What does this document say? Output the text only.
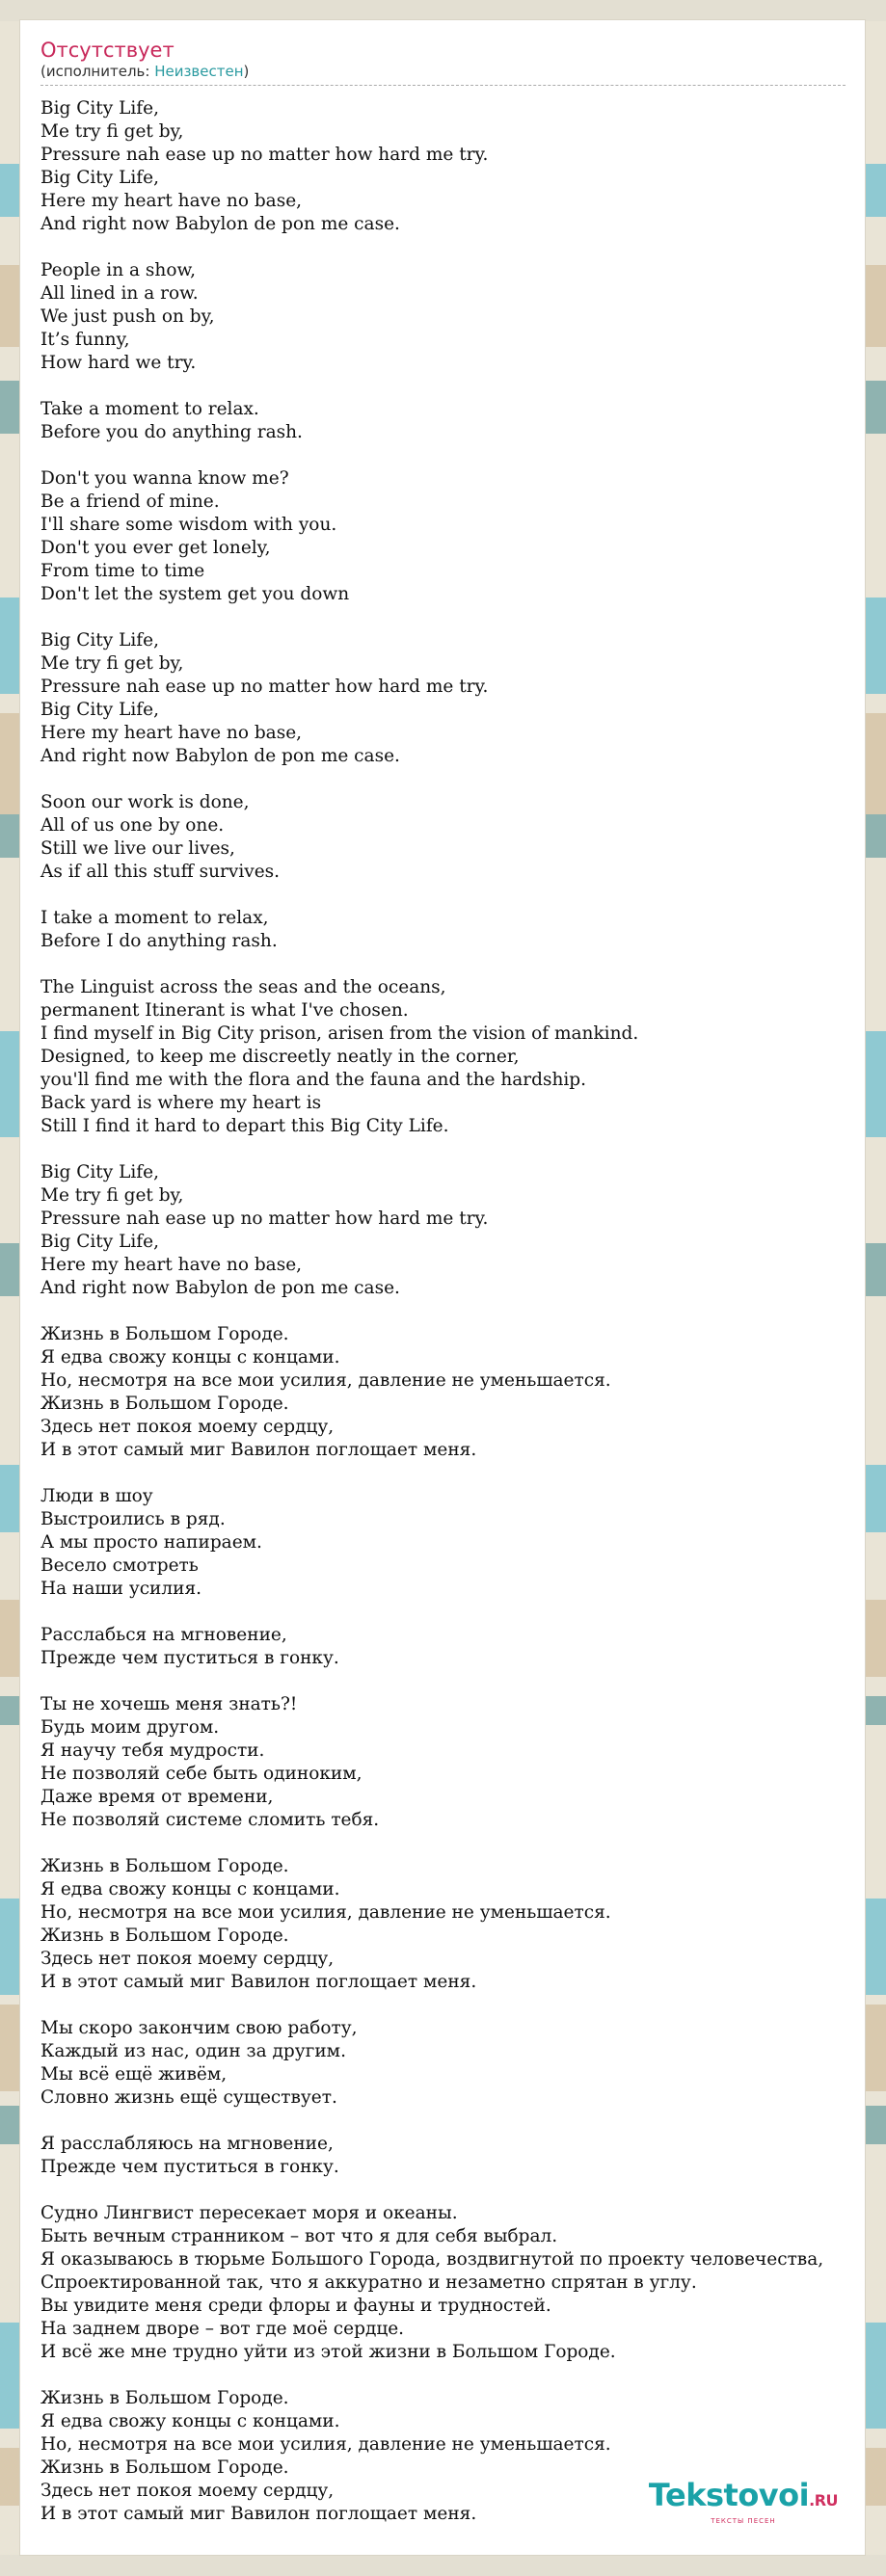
Отсутствует
(исполнитель: Неизвестен)
Big City Life,
Me try fi get by,
Pressure nah ease up no matter how hard me try.
Big City Life,
Here my heart have no base,
And right now Babylon de pon me case.
People in a show,
All lined in a row.
We just push on by,
It’s funny,
How hard we try.
Take a moment to relax.
Before you do anything rash.
Don't you wanna know me?
Be a friend of mine.
I'll share some wisdom with you.
Don't you ever get lonely,
From time to time
Don't let the system get you down
Big City Life,
Me try fi get by,
Pressure nah ease up no matter how hard me try.
Big City Life,
Here my heart have no base,
And right now Babylon de pon me case.
Soon our work is done,
All of us one by one.
Still we live our lives,
As if all this stuff survives.
I take a moment to relax,
Before I do anything rash.
The Linguist across the seas and the oceans,
permanent Itinerant is what I've chosen.
I find myself in Big City prison, arisen from the vision of mankind.
Designed, to keep me discreetly neatly in the corner,
you'll find me with the flora and the fauna and the hardship.
Back yard is where my heart is
Still I find it hard to depart this Big City Life.
Big City Life,
Me try fi get by,
Pressure nah ease up no matter how hard me try.
Big City Life,
Here my heart have no base,
And right now Babylon de pon me case.
Жизнь в Большом Городе.
Я едва свожу концы с концами.
Но, несмотря на все мои усилия, давление не уменьшается.
Жизнь в Большом Городе.
Здесь нет покоя моему сердцу,
И в этот самый миг Вавилон поглощает меня.
Люди в шоу
Выстроились в ряд.
А мы просто напираем.
Весело смотреть
На наши усилия.
Расслабься на мгновение,
Прежде чем пуститься в гонку.
Ты не хочешь меня знать?!
Будь моим другом.
Я научу тебя мудрости.
Не позволяй себе быть одиноким,
Даже время от времени,
Не позволяй системе сломить тебя.
Жизнь в Большом Городе.
Я едва свожу концы с концами.
Но, несмотря на все мои усилия, давление не уменьшается.
Жизнь в Большом Городе.
Здесь нет покоя моему сердцу,
И в этот самый миг Вавилон поглощает меня.
Мы скоро закончим свою работу,
Каждый из нас, один за другим.
Мы всё ещё живём,
Словно жизнь ещё существует.
Я расслабляюсь на мгновение,
Прежде чем пуститься в гонку.
Судно Лингвист пересекает моря и океаны.
Быть вечным странником – вот что я для себя выбрал.
Я оказываюсь в тюрьме Большого Города, воздвигнутой по проекту человечества,
Спроектированной так, что я аккуратно и незаметно спрятан в углу.
Вы увидите меня среди флоры и фауны и трудностей.
На заднем дворе – вот где моё сердце.
И всё же мне трудно уйти из этой жизни в Большом Городе.
Жизнь в Большом Городе.
Я едва свожу концы с концами.
Но, несмотря на все мои усилия, давление не уменьшается.
Жизнь в Большом Городе.
Здесь нет покоя моему сердцу,
И в этот самый миг Вавилон поглощает меня.
Tekstovoi.RU
ТЕКСТЫ ПЕСЕН
